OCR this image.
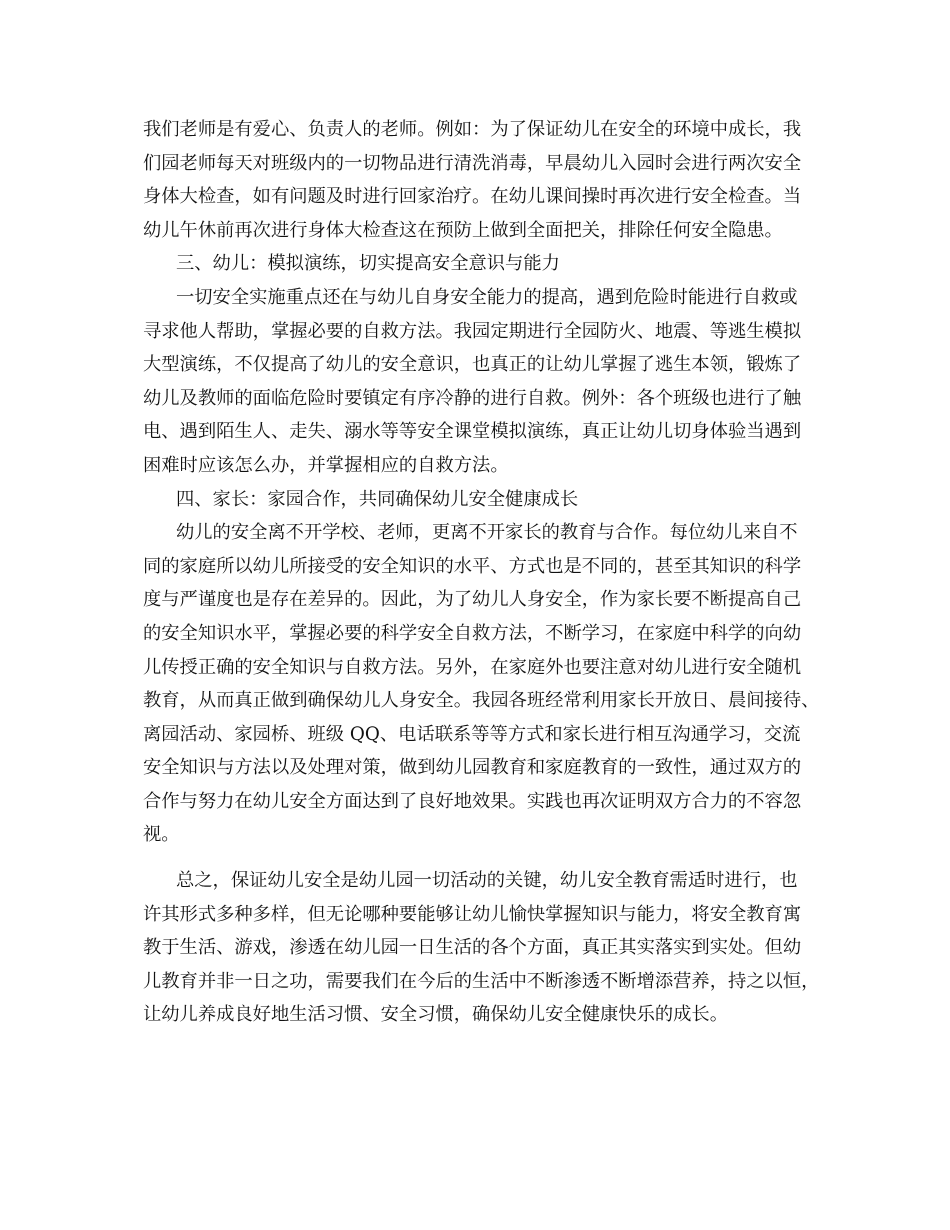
我们老师是有爱心、负责人的老师。例如：为了保证幼儿在安全的环境中成长，我
们园老师每天对班级内的一切物品进行清洗消毒，早晨幼儿入园时会进行两次安全
身体大检查，如有问题及时进行回家治疗。在幼儿课间操时再次进行安全检查。当
幼儿午休前再次进行身体大检查这在预防上做到全面把关，排除任何安全隐患。
三、幼儿：模拟演练，切实提高安全意识与能力
一切安全实施重点还在与幼儿自身安全能力的提高，遇到危险时能进行自救或
寻求他人帮助，掌握必要的自救方法。我园定期进行全园防火、地震、等逃生模拟
大型演练，不仅提高了幼儿的安全意识，也真正的让幼儿掌握了逃生本领，锻炼了
幼儿及教师的面临危险时要镇定有序冷静的进行自救。例外：各个班级也进行了触
电、遇到陌生人、走失、溺水等等安全课堂模拟演练，真正让幼儿切身体验当遇到
困难时应该怎么办，并掌握相应的自救方法。
四、家长：家园合作，共同确保幼儿安全健康成长
幼儿的安全离不开学校、老师，更离不开家长的教育与合作。每位幼儿来自不
同的家庭所以幼儿所接受的安全知识的水平、方式也是不同的，甚至其知识的科学
度与严谨度也是存在差异的。因此，为了幼儿人身安全，作为家长要不断提高自己
的安全知识水平，掌握必要的科学安全自救方法，不断学习，在家庭中科学的向幼
儿传授正确的安全知识与自救方法。另外，在家庭外也要注意对幼儿进行安全随机
教育，从而真正做到确保幼儿人身安全。我园各班经常利用家长开放日、晨间接待、
离园活动、家园桥、班级 QQ、电话联系等等方式和家长进行相互沟通学习，交流
安全知识与方法以及处理对策，做到幼儿园教育和家庭教育的一致性，通过双方的
合作与努力在幼儿安全方面达到了良好地效果。实践也再次证明双方合力的不容忽
视。
总之，保证幼儿安全是幼儿园一切活动的关键，幼儿安全教育需适时进行，也
许其形式多种多样，但无论哪种要能够让幼儿愉快掌握知识与能力，将安全教育寓
教于生活、游戏，渗透在幼儿园一日生活的各个方面，真正其实落实到实处。但幼
儿教育并非一日之功，需要我们在今后的生活中不断渗透不断增添营养，持之以恒，
让幼儿养成良好地生活习惯、安全习惯，确保幼儿安全健康快乐的成长。
